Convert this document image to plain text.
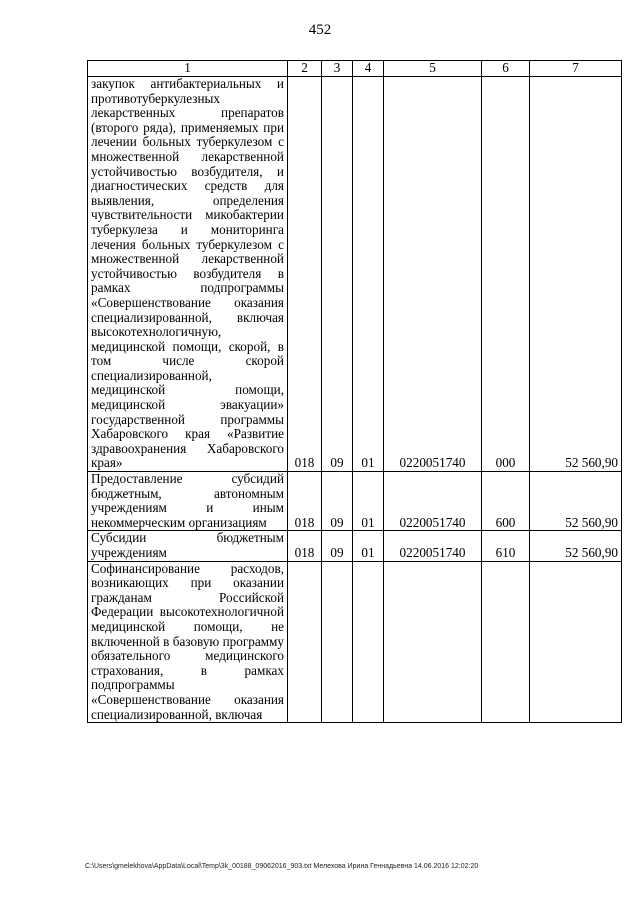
452
1	2	3	4	5	6	7
закупок антибактериальных и противотуберкулезных лекарственных препаратов (второго ряда), применяемых при лечении больных туберкулезом с множественной лекарственной устойчивостью возбудителя, и диагностических средств для выявления, определения чувствительности микобактерии туберкулеза и мониторинга лечения больных туберкулезом с множественной лекарственной устойчивостью возбудителя в рамках подпрограммы «Совершенствование оказания специализированной, включая высокотехнологичную, медицинской помощи, скорой, в том числе скорой специализированной, медицинской помощи, медицинской эвакуации» государственной программы Хабаровского края «Развитие здравоохранения Хабаровского края»	018	09	01	0220051740	000	52 560,90
Предоставление субсидий бюджетным, автономным учреждениям и иным некоммерческим организациям	018	09	01	0220051740	600	52 560,90
Субсидии бюджетным учреждениям	018	09	01	0220051740	610	52 560,90
Софинансирование расходов, возникающих при оказании гражданам Российской Федерации высокотехнологичной медицинской помощи, не включенной в базовую программу обязательного медицинского страхования, в рамках подпрограммы «Совершенствование оказания специализированной, включая						
C:\Users\gmelekhova\AppData\Local\Temp\3k_00188_09062016_903.txt Мелехова Ирина Геннадьевна 14.06.2016 12:02:20
